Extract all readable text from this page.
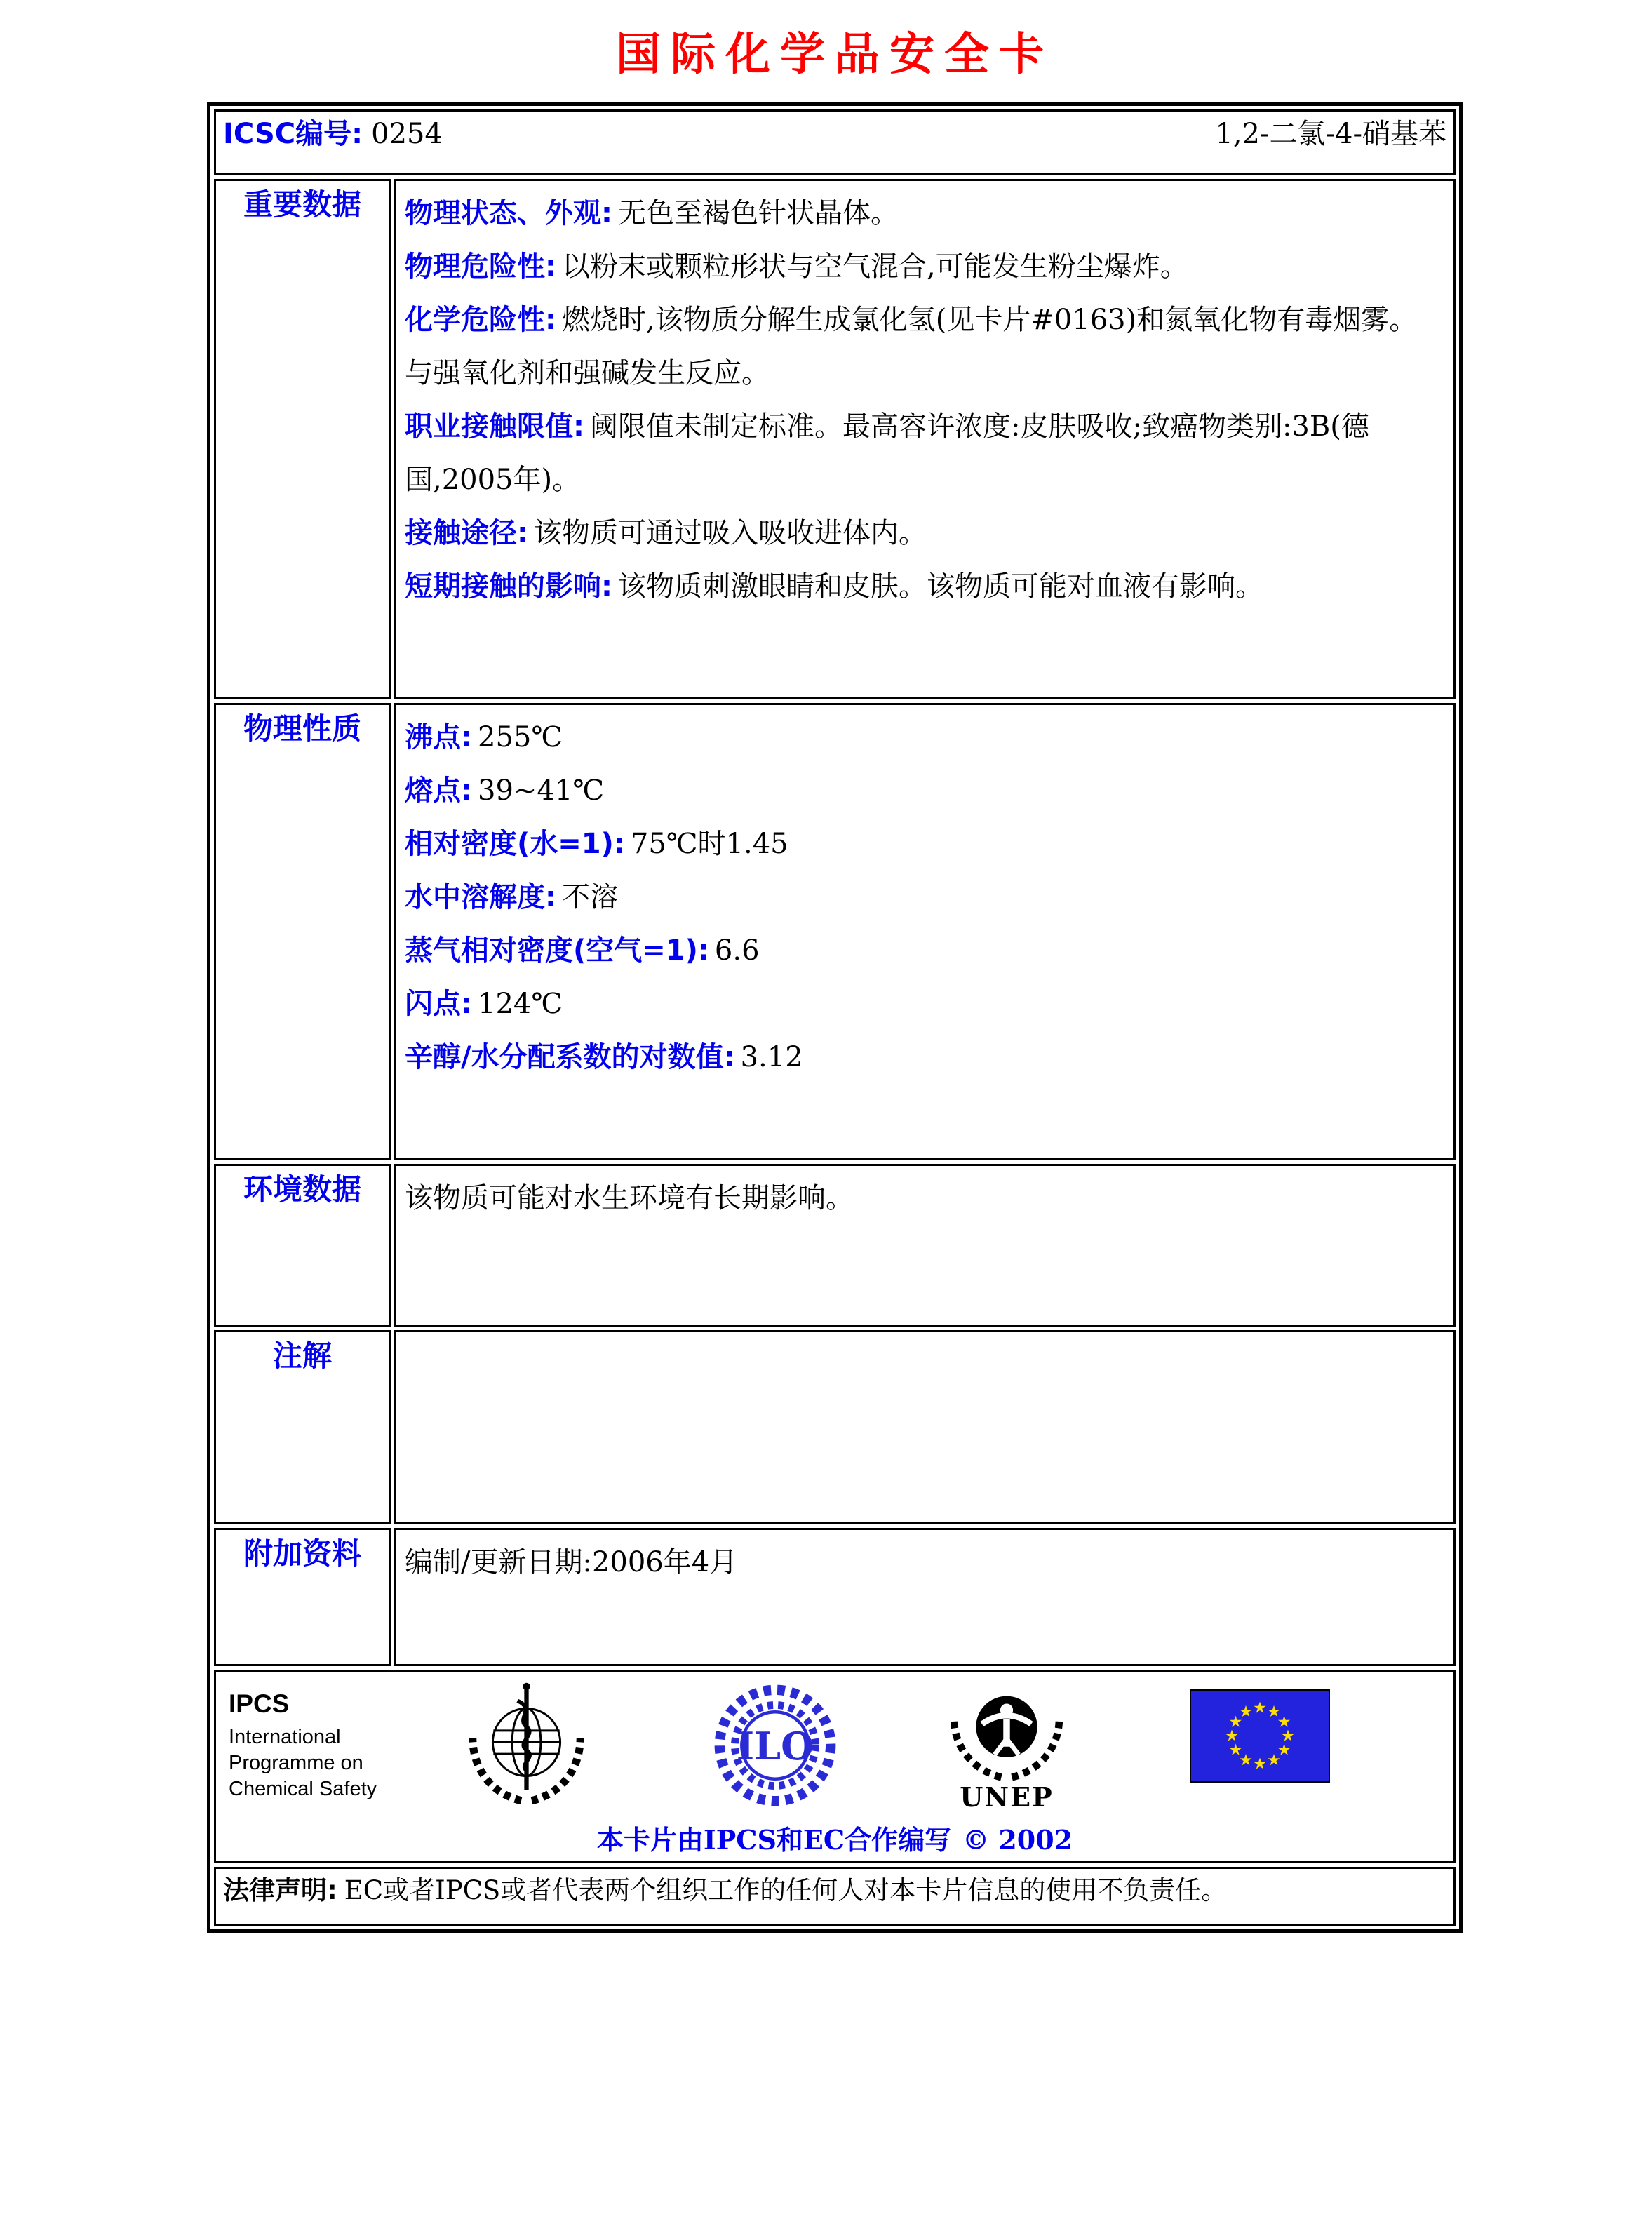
国际化学品安全卡
ICSC编号: 0254 1,2-二氯-4-硝基苯	

重要数据	物理状态、外观: 无色至褐色针状晶体。
物理危险性: 以粉末或颗粒形状与空气混合,可能发生粉尘爆炸。
化学危险性: 燃烧时,该物质分解生成氯化氢(见卡片#0163)和氮氧化物有毒烟雾。与强氧化剂和强碱发生反应。
职业接触限值: 阈限值未制定标准。最高容许浓度:皮肤吸收;致癌物类别:3B(德国,2005年)。
接触途径: 该物质可通过吸入吸收进体内。
短期接触的影响: 该物质刺激眼睛和皮肤。该物质可能对血液有影响。

物理性质	沸点: 255℃
熔点: 39~41℃
相对密度(水=1): 75℃时1.45
水中溶解度: 不溶
蒸气相对密度(空气=1): 6.6
闪点: 124℃
辛醇/水分配系数的对数值: 3.12

环境数据	该物质可能对水生环境有长期影响。

注解	

附加资料	编制/更新日期:2006年4月

IPCS
International
Programme on
Chemical Safety
ILO
UNEP
本卡片由IPCS和EC合作编写 © 2002

法律声明: EC或者IPCS或者代表两个组织工作的任何人对本卡片信息的使用不负责任。	
